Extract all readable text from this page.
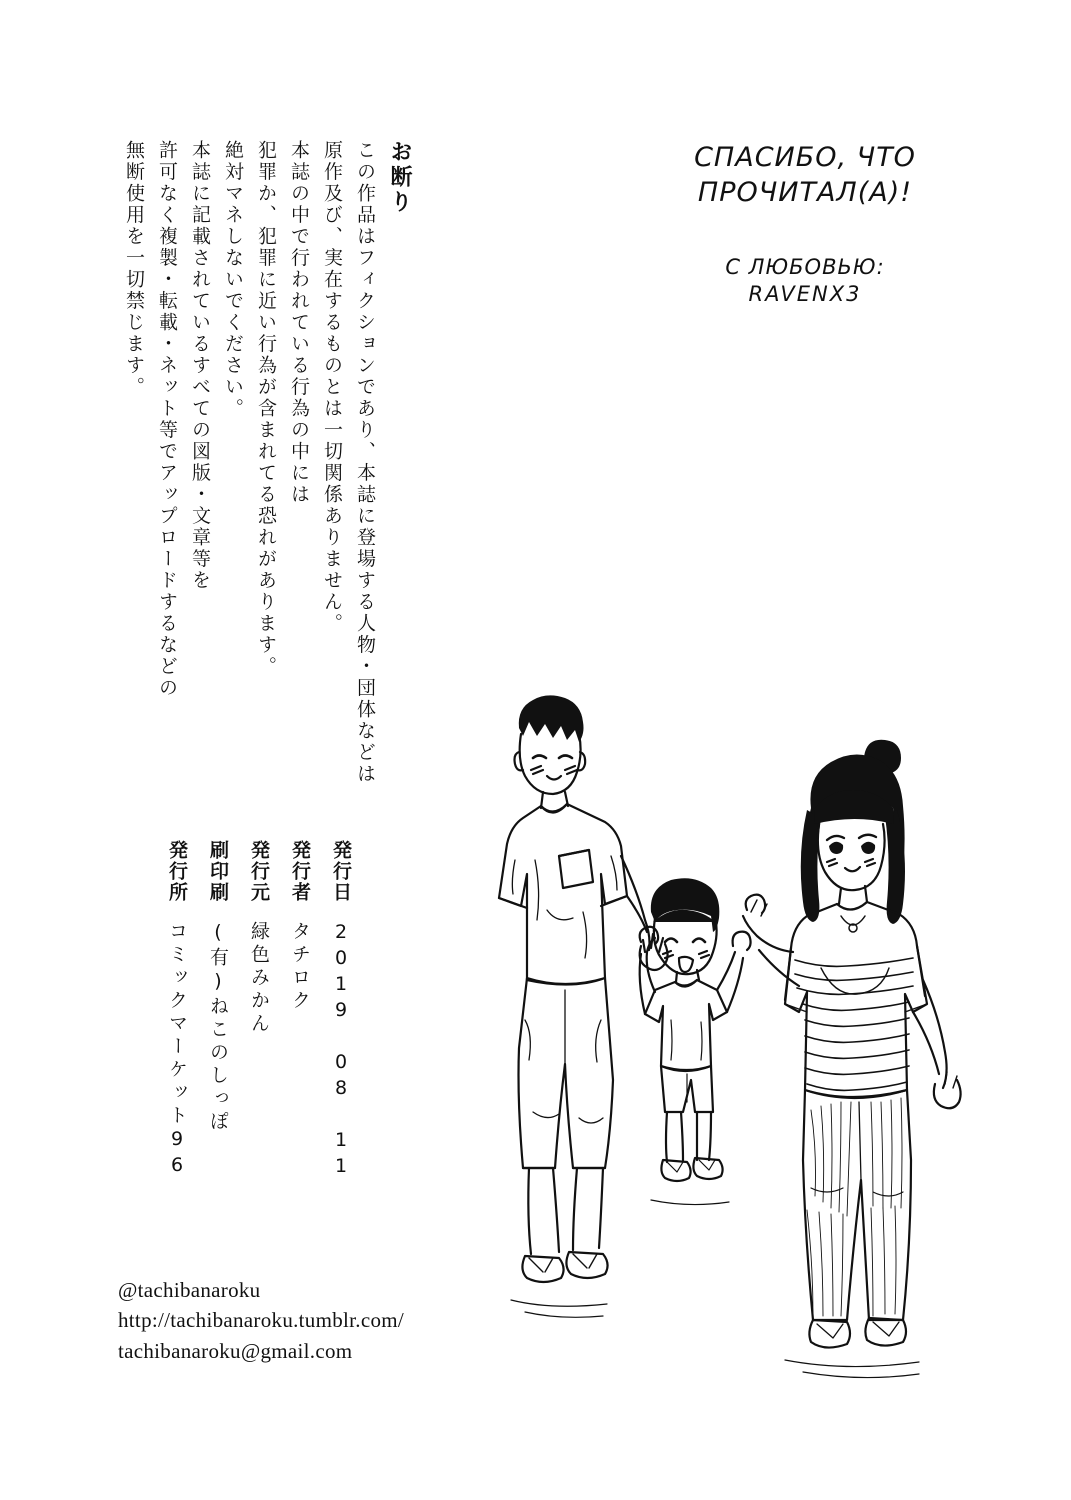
СПАСИБО, ЧТО
ПРОЧИТАЛ(А)!
С ЛЮБОВЬЮ:
RAVENX3
お断り
この作品はフィクションであり、本誌に登場する人物・団体などは
原作及び、実在するものとは一切関係ありません。
本誌の中で行われている行為の中には
犯罪か、犯罪に近い行為が含まれてる恐れがあります。
絶対マネしないでください。
本誌に記載されているすべての図版・文章等を
許可なく複製・転載・ネット等でアップロードするなどの
無断使用を一切禁じます。
発行日
2019 08 11
発行者
タチロク
発行元
緑色みかん
刷印刷
(有)ねこのしっぽ
発行所
コミックマーケット96
@tachibanaroku
http://tachibanaroku.tumblr.com/
tachibanaroku@gmail.com
